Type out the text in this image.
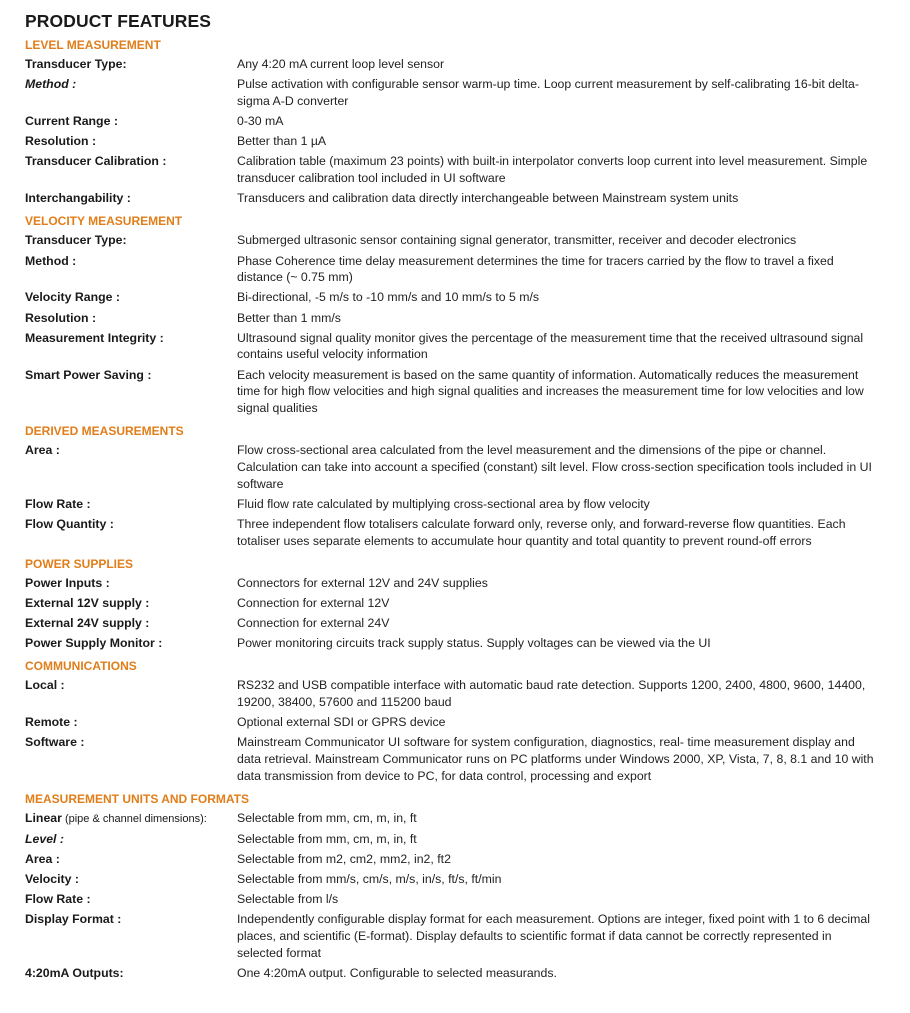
PRODUCT FEATURES
LEVEL MEASUREMENT
Transducer Type:	Any 4:20 mA current loop level sensor
Method :	Pulse activation with configurable sensor warm-up time. Loop current measurement by self-calibrating 16-bit delta-sigma A-D converter
Current Range :	0-30 mA
Resolution :	Better than 1 µA
Transducer Calibration :	Calibration table (maximum 23 points) with built-in interpolator converts loop current into level measurement. Simple transducer calibration tool included in UI software
Interchangability :	Transducers and calibration data directly interchangeable between Mainstream system units
VELOCITY MEASUREMENT
Transducer Type:	Submerged ultrasonic sensor containing signal generator, transmitter, receiver and decoder electronics
Method :	Phase Coherence time delay measurement determines the time for tracers carried by the flow to travel a fixed distance (~ 0.75 mm)
Velocity Range :	Bi-directional, -5 m/s to -10 mm/s and 10 mm/s to 5 m/s
Resolution :	Better than 1 mm/s
Measurement Integrity :	Ultrasound signal quality monitor gives the percentage of the measurement time that the received ultrasound signal contains useful velocity information
Smart Power Saving :	Each velocity measurement is based on the same quantity of information. Automatically reduces the measurement time for high flow velocities and high signal qualities and increases the measurement time for low velocities and low signal qualities
DERIVED MEASUREMENTS
Area :	Flow cross-sectional area calculated from the level measurement and the dimensions of the pipe or channel. Calculation can take into account a specified (constant) silt level. Flow cross-section specification tools included in UI software
Flow Rate :	Fluid flow rate calculated by multiplying cross-sectional area by flow velocity
Flow Quantity :	Three independent flow totalisers calculate forward only, reverse only, and forward-reverse flow quantities. Each totaliser uses separate elements to accumulate hour quantity and total quantity to prevent round-off errors
POWER SUPPLIES
Power Inputs :	Connectors for external 12V and 24V supplies
External 12V supply :	Connection for external 12V
External 24V supply :	Connection for external 24V
Power Supply Monitor :	Power monitoring circuits track supply status. Supply voltages can be viewed via the UI
COMMUNICATIONS
Local :	RS232 and USB compatible interface with automatic baud rate detection. Supports 1200, 2400, 4800, 9600, 14400, 19200, 38400, 57600 and 115200 baud
Remote :	Optional external SDI or GPRS device
Software :	Mainstream Communicator UI software for system configuration, diagnostics, real- time measurement display and data retrieval. Mainstream Communicator runs on PC platforms under Windows 2000, XP, Vista, 7, 8, 8.1 and 10 with data transmission from device to PC, for data control, processing and export
MEASUREMENT UNITS AND FORMATS
Linear (pipe & channel dimensions):	Selectable from mm, cm, m, in, ft
Level :	Selectable from mm, cm, m, in, ft
Area :	Selectable from m2, cm2, mm2, in2, ft2
Velocity :	Selectable from mm/s, cm/s, m/s, in/s, ft/s, ft/min
Flow Rate :	Selectable from l/s
Display Format :	Independently configurable display format for each measurement. Options are integer, fixed point with 1 to 6 decimal places, and scientific (E-format). Display defaults to scientific format if data cannot be correctly represented in selected format
4:20mA Outputs:	One 4:20mA output. Configurable to selected measurands.
